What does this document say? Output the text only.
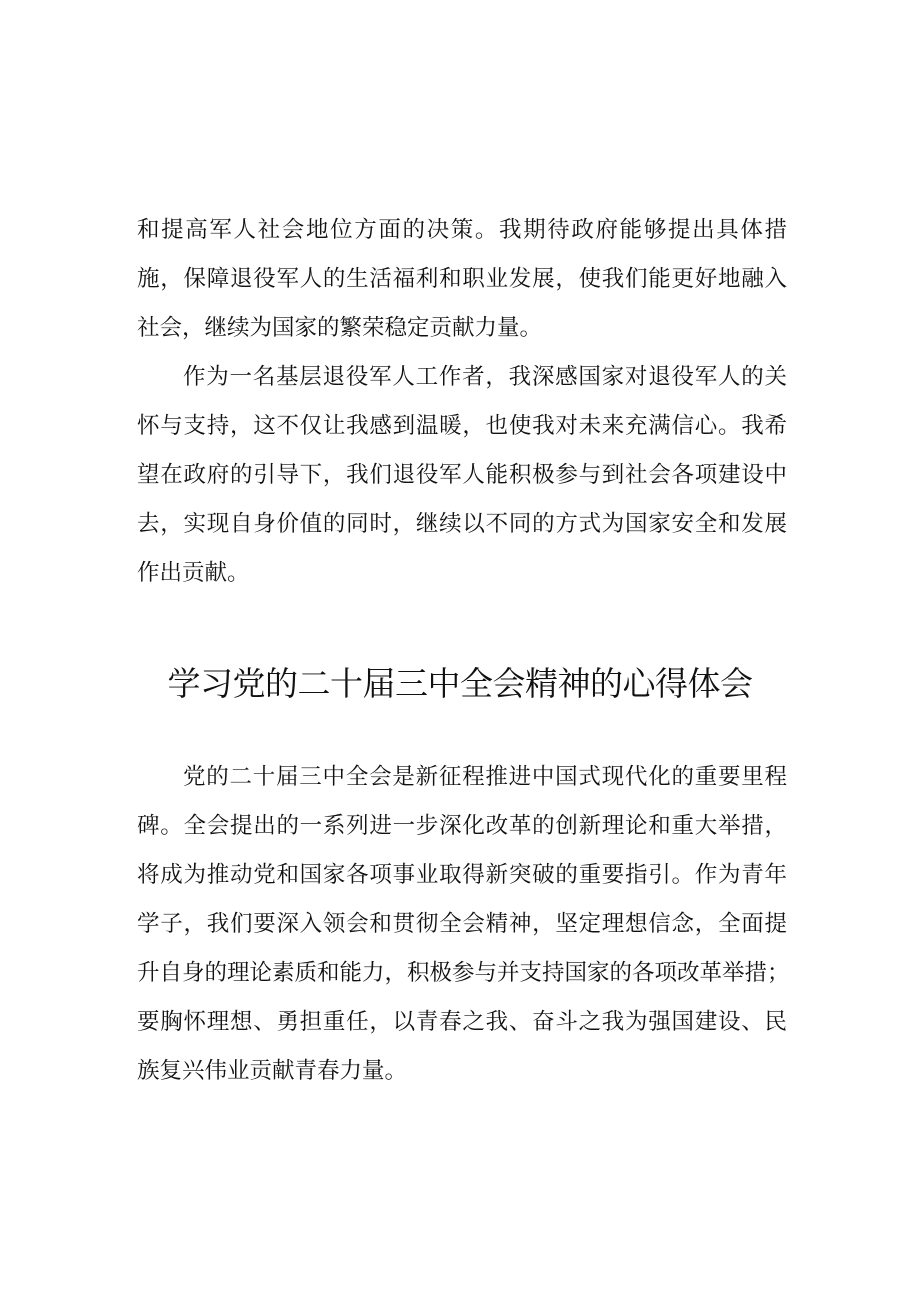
和提高军人社会地位方面的决策。我期待政府能够提出具体措
施，保障退役军人的生活福利和职业发展，使我们能更好地融入
社会，继续为国家的繁荣稳定贡献力量。
作为一名基层退役军人工作者，我深感国家对退役军人的关
怀与支持，这不仅让我感到温暖，也使我对未来充满信心。我希
望在政府的引导下，我们退役军人能积极参与到社会各项建设中
去，实现自身价值的同时，继续以不同的方式为国家安全和发展
作出贡献。
学习党的二十届三中全会精神的心得体会
党的二十届三中全会是新征程推进中国式现代化的重要里程
碑。全会提出的一系列进一步深化改革的创新理论和重大举措，
将成为推动党和国家各项事业取得新突破的重要指引。作为青年
学子，我们要深入领会和贯彻全会精神，坚定理想信念，全面提
升自身的理论素质和能力，积极参与并支持国家的各项改革举措；
要胸怀理想、勇担重任，以青春之我、奋斗之我为强国建设、民
族复兴伟业贡献青春力量。
